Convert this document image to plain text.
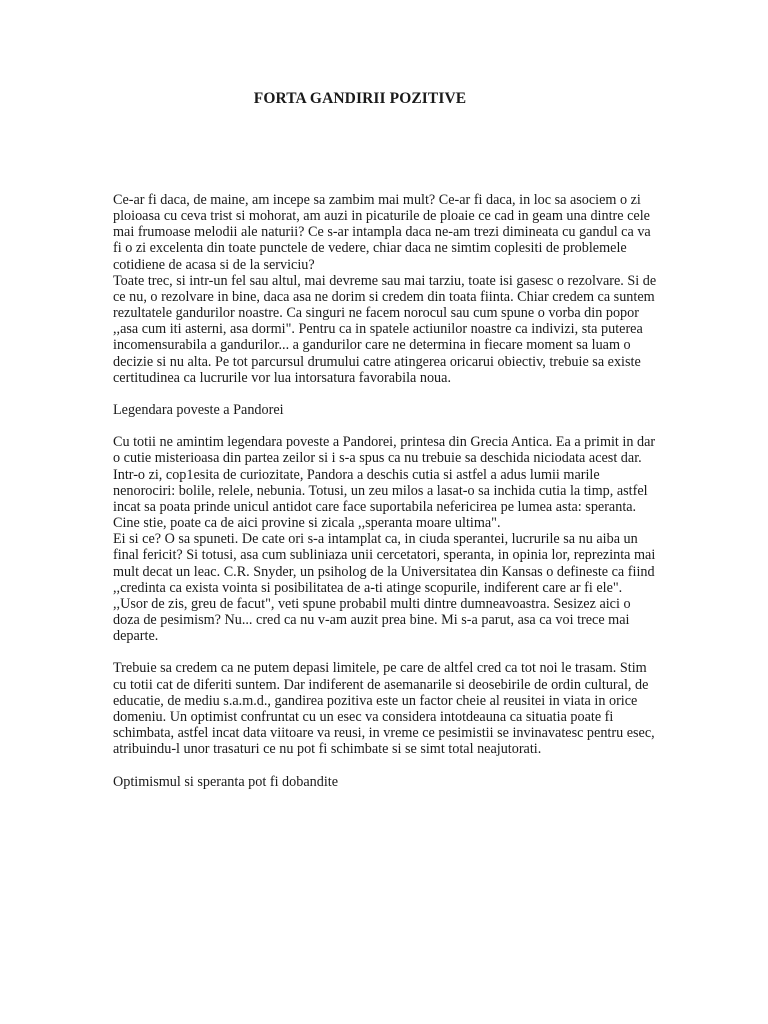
FORTA GANDIRII POZITIVE

Ce-ar fi daca, de maine, am incepe sa zambim mai mult? Ce-ar fi daca, in loc sa asociem o zi ploioasa cu ceva trist si mohorat, am auzi in picaturile de ploaie ce cad in geam una dintre cele mai frumoase melodii ale naturii? Ce s-ar intampla daca ne-am trezi dimineata cu gandul ca va fi o zi excelenta din toate punctele de vedere, chiar daca ne simtim coplesiti de problemele cotidiene de acasa si de la serviciu?

Toate trec, si intr-un fel sau altul, mai devreme sau mai tarziu, toate isi gasesc o rezolvare. Si de ce nu, o rezolvare in bine, daca asa ne dorim si credem din toata fiinta. Chiar credem ca suntem rezultatele gandurilor noastre. Ca singuri ne facem norocul sau cum spune o vorba din popor ,,asa cum iti asterni, asa dormi". Pentru ca in spatele actiunilor noastre ca indivizi, sta puterea incomensurabila a gandurilor... a gandurilor care ne determina in fiecare moment sa luam o decizie si nu alta. Pe tot parcursul drumului catre atingerea oricarui obiectiv, trebuie sa existe certitudinea ca lucrurile vor lua intorsatura favorabila noua.

Legendara poveste a Pandorei

Cu totii ne amintim legendara poveste a Pandorei, printesa din Grecia Antica. Ea a primit in dar o cutie misterioasa din partea zeilor si i s-a spus ca nu trebuie sa deschida niciodata acest dar. Intr-o zi, cop1esita de curiozitate, Pandora a deschis cutia si astfel a adus lumii marile nenorociri: bolile, relele, nebunia. Totusi, un zeu milos a lasat-o sa inchida cutia la timp, astfel incat sa poata prinde unicul antidot care face suportabila nefericirea pe lumea asta: speranta. Cine stie, poate ca de aici provine si zicala ,,speranta moare ultima".

Ei si ce? O sa spuneti. De cate ori s-a intamplat ca, in ciuda sperantei, lucrurile sa nu aiba un final fericit? Si totusi, asa cum subliniaza unii cercetatori, speranta, in opinia lor, reprezinta mai mult decat un leac. C.R. Snyder, un psiholog de la Universitatea din Kansas o defineste ca fiind ,,credinta ca exista vointa si posibilitatea de a-ti atinge scopurile, indiferent care ar fi ele".

,,Usor de zis, greu de facut", veti spune probabil multi dintre dumneavoastra. Sesizez aici o doza de pesimism? Nu... cred ca nu v-am auzit prea bine. Mi s-a parut, asa ca voi trece mai departe.

Trebuie sa credem ca ne putem depasi limitele, pe care de altfel cred ca tot noi le trasam. Stim cu totii cat de diferiti suntem. Dar indiferent de asemanarile si deosebirile de ordin cultural, de educatie, de mediu s.a.m.d., gandirea pozitiva este un factor cheie al reusitei in viata in orice domeniu. Un optimist confruntat cu un esec va considera intotdeauna ca situatia poate fi schimbata, astfel incat data viitoare va reusi, in vreme ce pesimistii se invinavatesc pentru esec, atribuindu-l unor trasaturi ce nu pot fi schimbate si se simt total neajutorati.

Optimismul si speranta pot fi dobandite
